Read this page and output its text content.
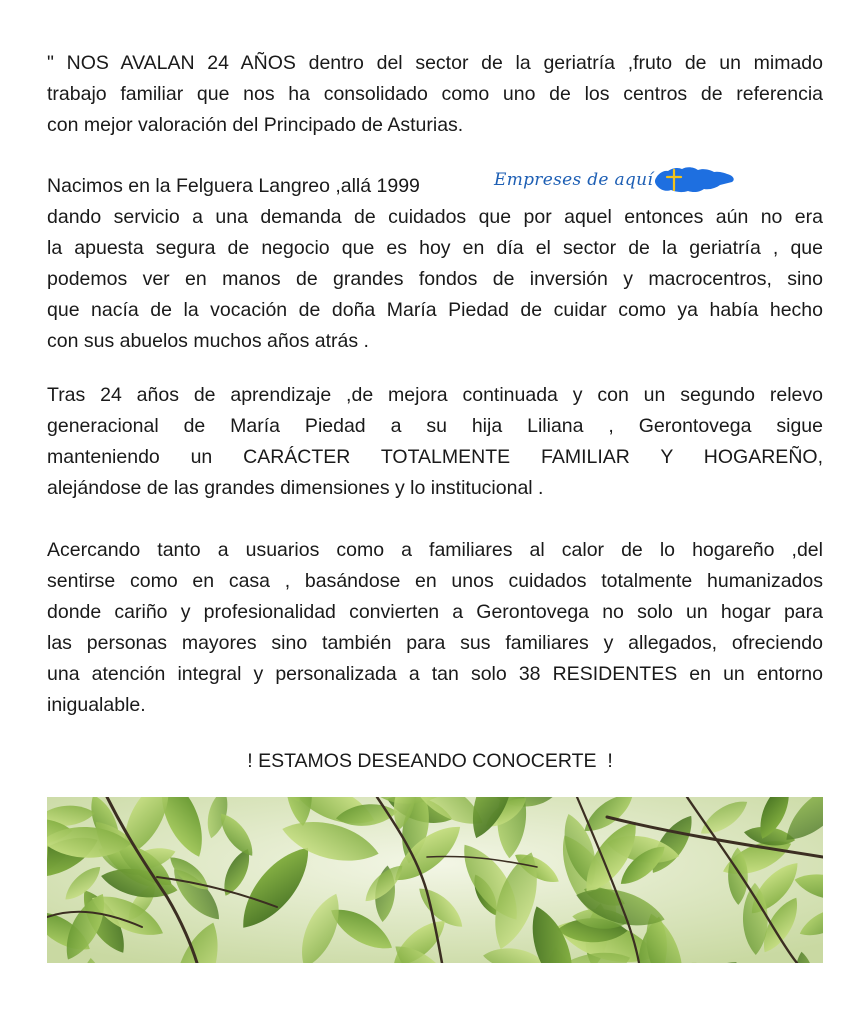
" NOS AVALAN 24 AÑOS dentro del sector de la geriatría ,fruto de un mimado
trabajo familiar que nos ha consolidado como uno de los centros de referencia
con mejor valoración del Principado de Asturias.

Nacimos en la Felguera Langreo ,allá 1999
dando servicio a una demanda de cuidados que por aquel entonces aún no era
la apuesta segura de negocio que es hoy en día el sector de la geriatría , que
podemos ver en manos de grandes fondos de inversión y macrocentros, sino
que nacía de la vocación de doña María Piedad de cuidar como ya había hecho
con sus abuelos muchos años atrás .

Empreses de aquí

Tras 24 años de aprendizaje ,de mejora continuada y con un segundo relevo
generacional de María Piedad a su hija Liliana , Gerontovega sigue
manteniendo un CARÁCTER TOTALMENTE FAMILIAR Y HOGAREÑO,
alejándose de las grandes dimensiones y lo institucional .

Acercando tanto a usuarios como a familiares al calor de lo hogareño ,del
sentirse como en casa , basándose en unos cuidados totalmente humanizados
donde cariño y profesionalidad convierten a Gerontovega no solo un hogar para
las personas mayores sino también para sus familiares y allegados, ofreciendo
una atención integral y personalizada a tan solo 38 RESIDENTES en un entorno
inigualable.

! ESTAMOS DESEANDO CONOCERTE  !
